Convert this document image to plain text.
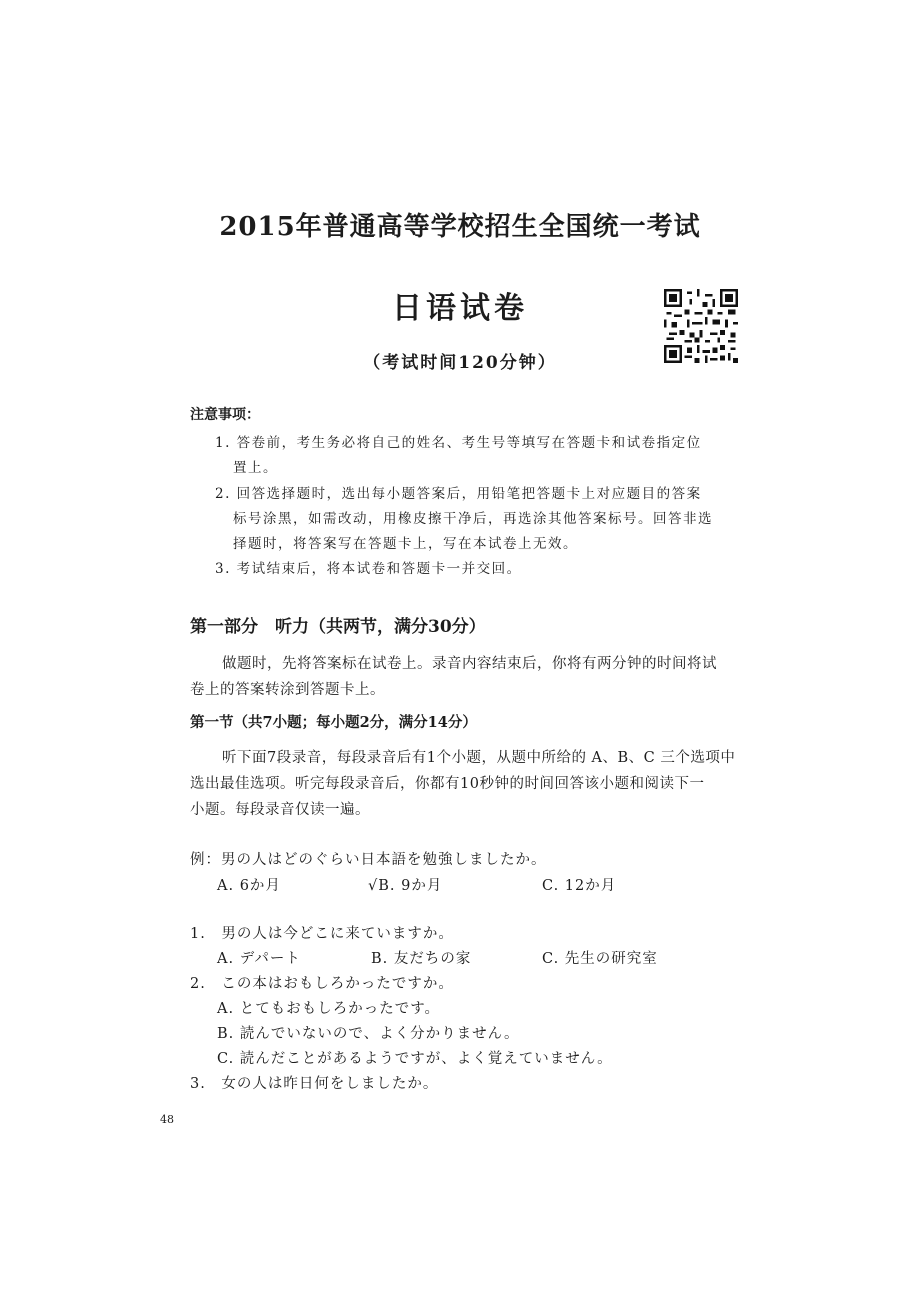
2015年普通高等学校招生全国统一考试
日语试卷
（考试时间120分钟）
注意事项：
1. 答卷前，考生务必将自己的姓名、考生号等填写在答题卡和试卷指定位
置上。
2. 回答选择题时，选出每小题答案后，用铅笔把答题卡上对应题目的答案
标号涂黑，如需改动，用橡皮擦干净后，再选涂其他答案标号。回答非选
择题时，将答案写在答题卡上，写在本试卷上无效。
3. 考试结束后，将本试卷和答题卡一并交回。
第一部分　听力（共两节，满分30分）
做题时，先将答案标在试卷上。录音内容结束后，你将有两分钟的时间将试
卷上的答案转涂到答题卡上。
第一节（共7小题；每小题2分，满分14分）
听下面7段录音，每段录音后有1个小题，从题中所给的 A、B、C 三个选项中
选出最佳选项。听完每段录音后，你都有10秒钟的时间回答该小题和阅读下一
小题。每段录音仅读一遍。
例：男の人はどのぐらい日本語を勉強しましたか。
A. 6か月	√B. 9か月	C. 12か月
1.　男の人は今どこに来ていますか。
A. デパート	B. 友だちの家	C. 先生の研究室
2.　この本はおもしろかったですか。
A. とてもおもしろかったです。
B. 読んでいないので、よく分かりません。
C. 読んだことがあるようですが、よく覚えていません。
3.　女の人は昨日何をしましたか。
48
